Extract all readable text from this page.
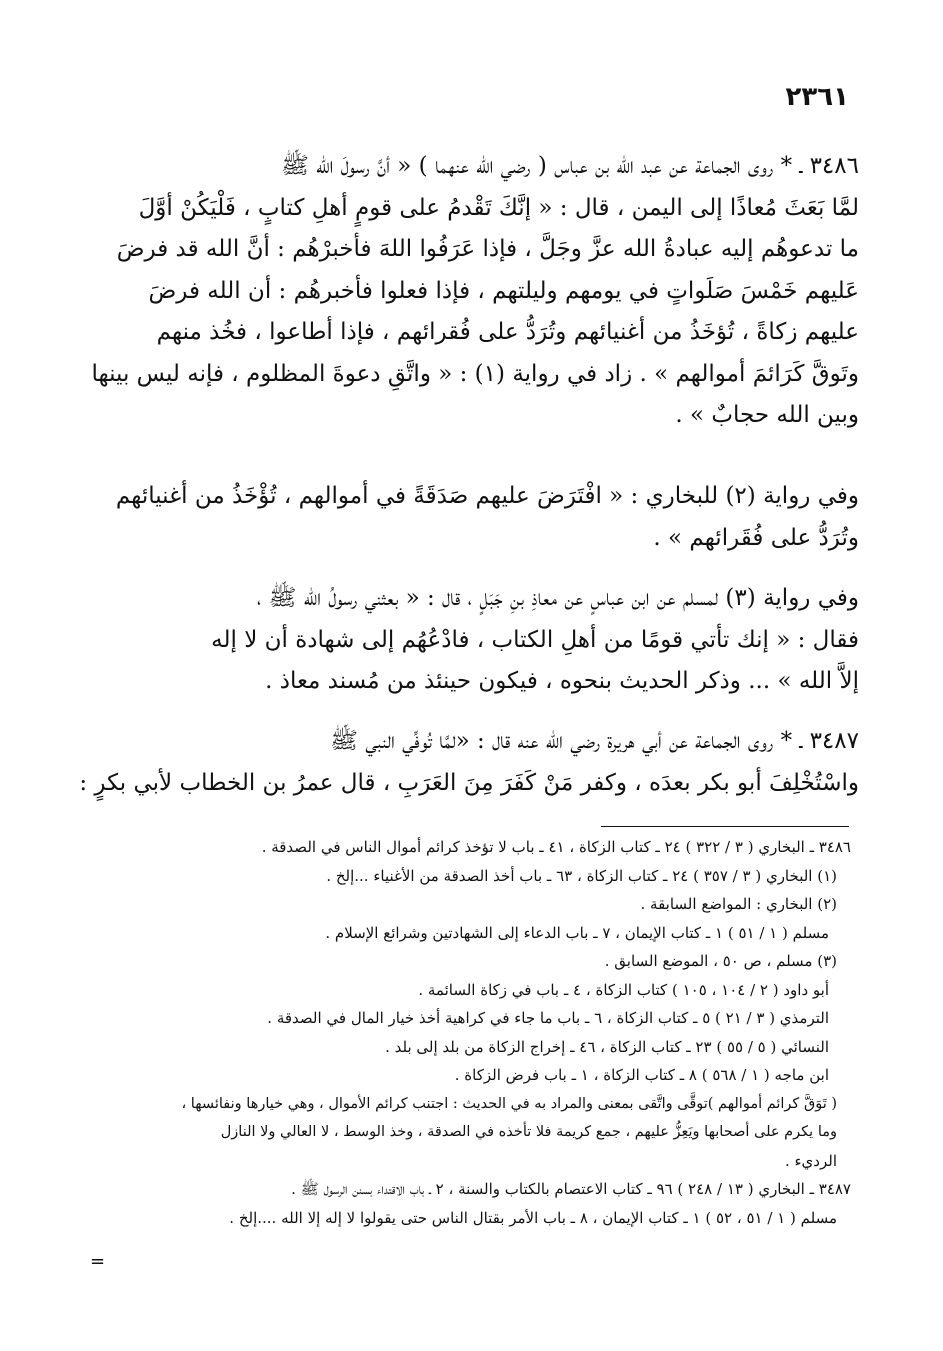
٢٣٦١
٣٤٨٦ ـ * روى الجماعة عن عبد الله بن عباس ( رضي الله عنهما ) « أنَّ رسولَ الله ﷺ
لمَّا بَعَثَ مُعاذًا إلى اليمن ، قال : « إنَّكَ تَقْدمُ على قومٍ أهلِ كتابٍ ، فَلْيَكُنْ أوَّلَ
ما تدعوهُم إليه عبادةُ الله عزَّ وجَلَّ ، فإذا عَرَفُوا اللهَ فأخبرْهُم : أنَّ الله قد فرضَ
عَليهم خَمْسَ صَلَواتٍ في يومهم وليلتهم ، فإذا فعلوا فأخبرهُم : أن الله فرضَ
عليهم زكاةً ، تُؤخَذُ من أغنيائهم وتُرَدُّ على فُقرائهم ، فإذا أطاعوا ، فخُذ منهم
وتَوقَّ كَرَائمَ أموالهم » . زاد في رواية (١) : « واتَّقِ دعوةَ المظلوم ، فإنه ليس بينها
وبين الله حجابٌ » .
وفي رواية (٢) للبخاري : « افْتَرَضَ عليهم صَدَقَةً في أموالهم ، تُؤْخَذُ من أغنيائهم
وتُرَدُّ على فُقَرائهم » .
وفي رواية (٣) لمسلم عن ابن عباسٍ عن معاذِ بنِ جَبَلٍ ، قال : « بعثني رسولُ الله ﷺ ،
فقال : « إنك تأتي قومًا من أهلِ الكتاب ، فادْعُهُم إلى شهادة أن لا إله
إلاَّ الله » ... وذكر الحديث بنحوه ، فيكون حينئذ من مُسند معاذ .
٣٤٨٧ ـ * روى الجماعة عن أبي هريرة رضي الله عنه قال : «لمَّا تُوفِّي النبي ﷺ
واسْتُخْلِفَ أبو بكر بعدَه ، وكفر مَنْ كَفَرَ مِنَ العَرَبِ ، قال عمرُ بن الخطاب لأبي بكرٍ :
٣٤٨٦ ـ البخاري ( ٣ / ٣٢٢ ) ٢٤ ـ كتاب الزكاة ، ٤١ ـ باب لا تؤخذ كرائم أموال الناس في الصدقة .
(١) البخاري ( ٣ / ٣٥٧ ) ٢٤ ـ كتاب الزكاة ، ٦٣ ـ باب أخذ الصدقة من الأغنياء ...إلخ .
(٢) البخاري : المواضع السابقة .
مسلم ( ١ / ٥١ ) ١ ـ كتاب الإيمان ، ٧ ـ باب الدعاء إلى الشهادتين وشرائع الإسلام .
(٣) مسلم ، ص ٥٠ ، الموضع السابق .
أبو داود ( ٢ / ١٠٤ ، ١٠٥ ) كتاب الزكاة ، ٤ ـ باب في زكاة السائمة .
الترمذي ( ٣ / ٢١ ) ٥ ـ كتاب الزكاة ، ٦ ـ باب ما جاء في كراهية أخذ خيار المال في الصدقة .
النسائي ( ٥ / ٥٥ ) ٢٣ ـ كتاب الزكاة ، ٤٦ ـ إخراج الزكاة من بلد إلى بلد .
ابن ماجه ( ١ / ٥٦٨ ) ٨ ـ كتاب الزكاة ، ١ ـ باب فرض الزكاة .
( تَوَقَّ كرائم أموالهم )توقَّى واتَّقى بمعنى والمراد به في الحديث : اجتنب كرائم الأموال ، وهي خيارها ونفائسها ،
وما يكرم على أصحابها ويَعِزُّ عليهم ، جمع كريمة فلا تأخذه في الصدقة ، وخذ الوسط ، لا العالي ولا النازل
الرديء .
٣٤٨٧ ـ البخاري ( ١٣ / ٢٤٨ ) ٩٦ ـ كتاب الاعتصام بالكتاب والسنة ، ٢ ـ باب الاقتداء بسنن الرسول ﷺ .
مسلم ( ١ / ٥١ ، ٥٢ ) ١ ـ كتاب الإيمان ، ٨ ـ باب الأمر بقتال الناس حتى يقولوا لا إله إلا الله ....إلخ .
=
